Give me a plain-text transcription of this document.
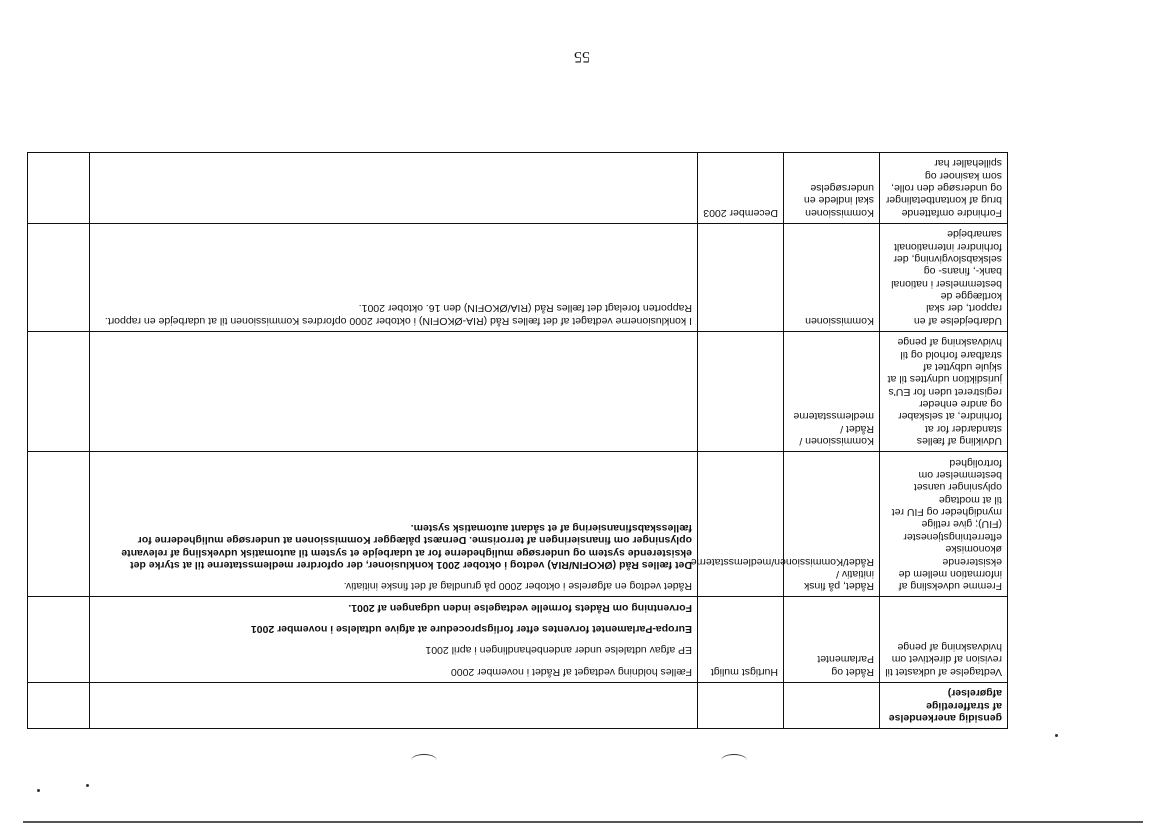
gensidig anerkendelse af strafferetlige afgørelser)				
Vedtagelse af udkastet til revision af direktivet om hvidvaskning af penge	Rådet og Parlamentet	Hurtigst muligt	Fælles holdning vedtaget af Rådet i november 2000

EP afgav udtalelse under andenbehandlingen i april 2001

Europa-Parlamentet forventes efter forligsprocedure at afgive udtalelse i november 2001

Forventning om Rådets formelle vedtagelse inden udgangen af 2001.	

Fremme udveksling af information mellem de eksisterende økonomiske efterretningstjenester (FIU); give retlige myndigheder og FIU ret til at modtage oplysninger uanset bestemmelser om fortrolighed	Rådet, på finsk initiativ / Rådet/Kommissionen/medlemsstaterne		Rådet vedtog en afgørelse i oktober 2000 på grundlag af det finske initiativ.

Det fælles Råd (ØKOFIN/RIA) vedtog i oktober 2001 konklusioner, der opfordrer medlemsstaterne til at styrke det eksisterende system og undersøge mulighederne for at udarbejde et system til automatisk udveksling af relevante oplysninger om finansieringen af terrorisme. Dernæst pålægger Kommissionen at undersøge mulighederne for fællesskabsfinansiering af et sådant automatisk system.	

Udvikling af fælles standarder for at forhindre, at selskaber og andre enheder registreret uden for EU's jurisdiktion udnyttes til at skjule udbyttet af strafbare forhold og til hvidvaskning af penge	Kommissionen / Rådet / medlemsstaterne			
Udarbejdelse af en rapport, der skal kortlægge de bestemmelser i national bank-, finans- og selskabslovgivning, der forhindrer internationalt samarbejde	Kommissionen		I konklusionerne vedtaget af det fælles Råd (RIA-ØKOFIN) i oktober 2000 opfordres Kommissionen til at udarbejde en rapport. Rapporten forelagt det fælles Råd (RIA/ØKOFIN) den 16. oktober 2001.	

Forhindre omfattende brug af kontantbetalinger og undersøge den rolle, som kasinoer og spillehaller har	Kommissionen skal indlede en undersøgelse	December 2003		
55
